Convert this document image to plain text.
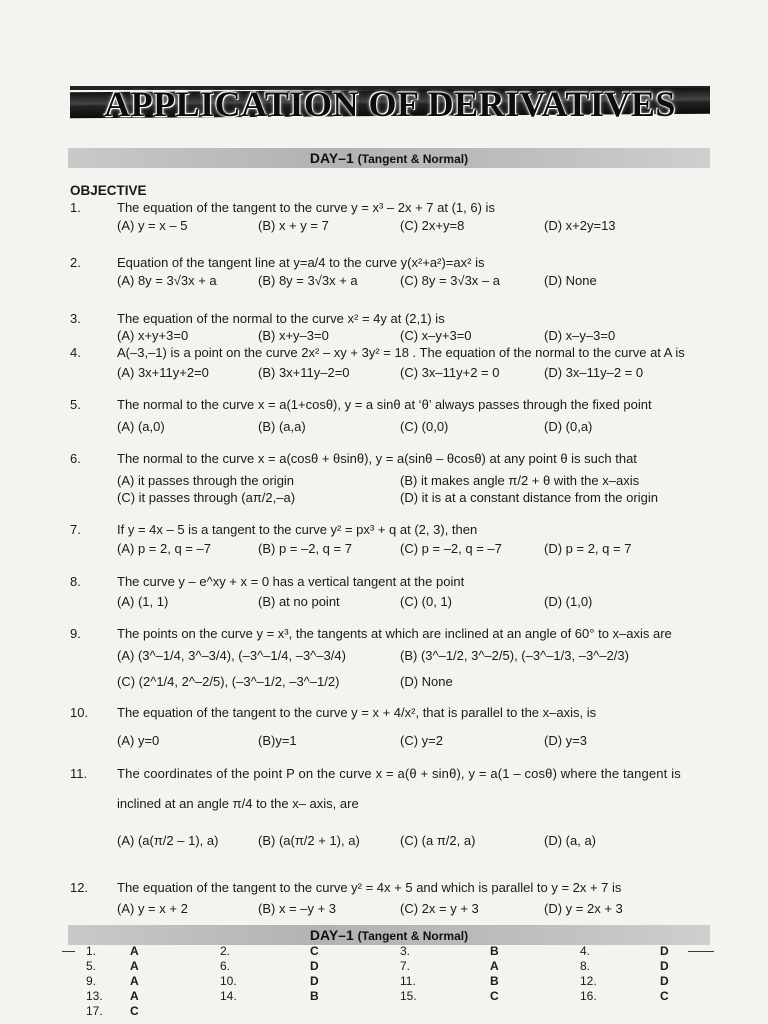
APPLICATION OF DERIVATIVES
DAY–1 (Tangent & Normal)
OBJECTIVE
1.	The equation of the tangent to the curve y = x³ – 2x + 7 at (1, 6) is
(A) y = x – 5	(B) x + y = 7	(C) 2x+y=8	(D) x+2y=13
2.	Equation of the tangent line at y=a/4 to the curve y(x²+a²)=ax² is
(A) 8y = 3√3x + a	(B) 8y = 3√3x + a	(C) 8y = 3√3x – a	(D) None
3.	The equation of the normal to the curve x² = 4y at (2,1) is
(A) x+y+3=0	(B) x+y–3=0	(C) x–y+3=0	(D) x–y–3=0
4.	A(–3,–1) is a point on the curve 2x² – xy + 3y² = 18 . The equation of the normal to the curve at A is
(A) 3x+11y+2=0	(B) 3x+11y–2=0	(C) 3x–11y+2 = 0	(D) 3x–11y–2 = 0
5.	The normal to the curve x = a(1+cosθ), y = a sinθ at ‘θ’ always passes through the fixed point
(A) (a,0)	(B) (a,a)	(C) (0,0)	(D) (0,a)
6.	The normal to the curve x = a(cosθ + θsinθ), y = a(sinθ – θcosθ) at any point θ is such that
(A) it passes through the origin	(B) it makes angle π/2 + θ with the x–axis
(C) it passes through (aπ/2,–a)	(D) it is at a constant distance from the origin
7.	If y = 4x – 5 is a tangent to the curve y² = px³ + q at (2, 3), then
(A) p = 2, q = –7	(B) p = –2, q = 7	(C) p = –2, q = –7	(D) p = 2, q = 7
8.	The curve y – e^xy + x = 0 has a vertical tangent at the point
(A) (1, 1)	(B) at no point	(C) (0, 1)	(D) (1,0)
9.	The points on the curve y = x³, the tangents at which are inclined at an angle of 60° to x–axis are
(A) (3^–1/4, 3^–3/4), (–3^–1/4, –3^–3/4)	(B) (3^–1/2, 3^–2/5), (–3^–1/3, –3^–2/3)
(C) (2^1/4, 2^–2/5), (–3^–1/2, –3^–1/2)	(D) None
10. The equation of the tangent to the curve y = x + 4/x², that is parallel to the x–axis, is
(A) y=0	(B)y=1	(C) y=2	(D) y=3
11. The coordinates of the point P on the curve x = a(θ + sinθ), y = a(1 – cosθ) where the tangent is
inclined at an angle π/4 to the x– axis, are
(A) (a(π/2 – 1), a)	(B) (a(π/2 + 1), a)	(C) (a π/2, a)	(D) (a, a)
12. The equation of the tangent to the curve y² = 4x + 5 and which is parallel to y = 2x + 7 is
(A) y = x + 2	(B) x = –y + 3	(C) 2x = y + 3	(D) y = 2x + 3
DAY–1 (Tangent & Normal)
—	——
1.	A	2.	C	3.	B	4.	D
5.	A	6.	D	7.	A	8.	D
9.	A	10.	D	11.	B	12.	D
13. A	14.	B	15.	C	16.	C
17. C
